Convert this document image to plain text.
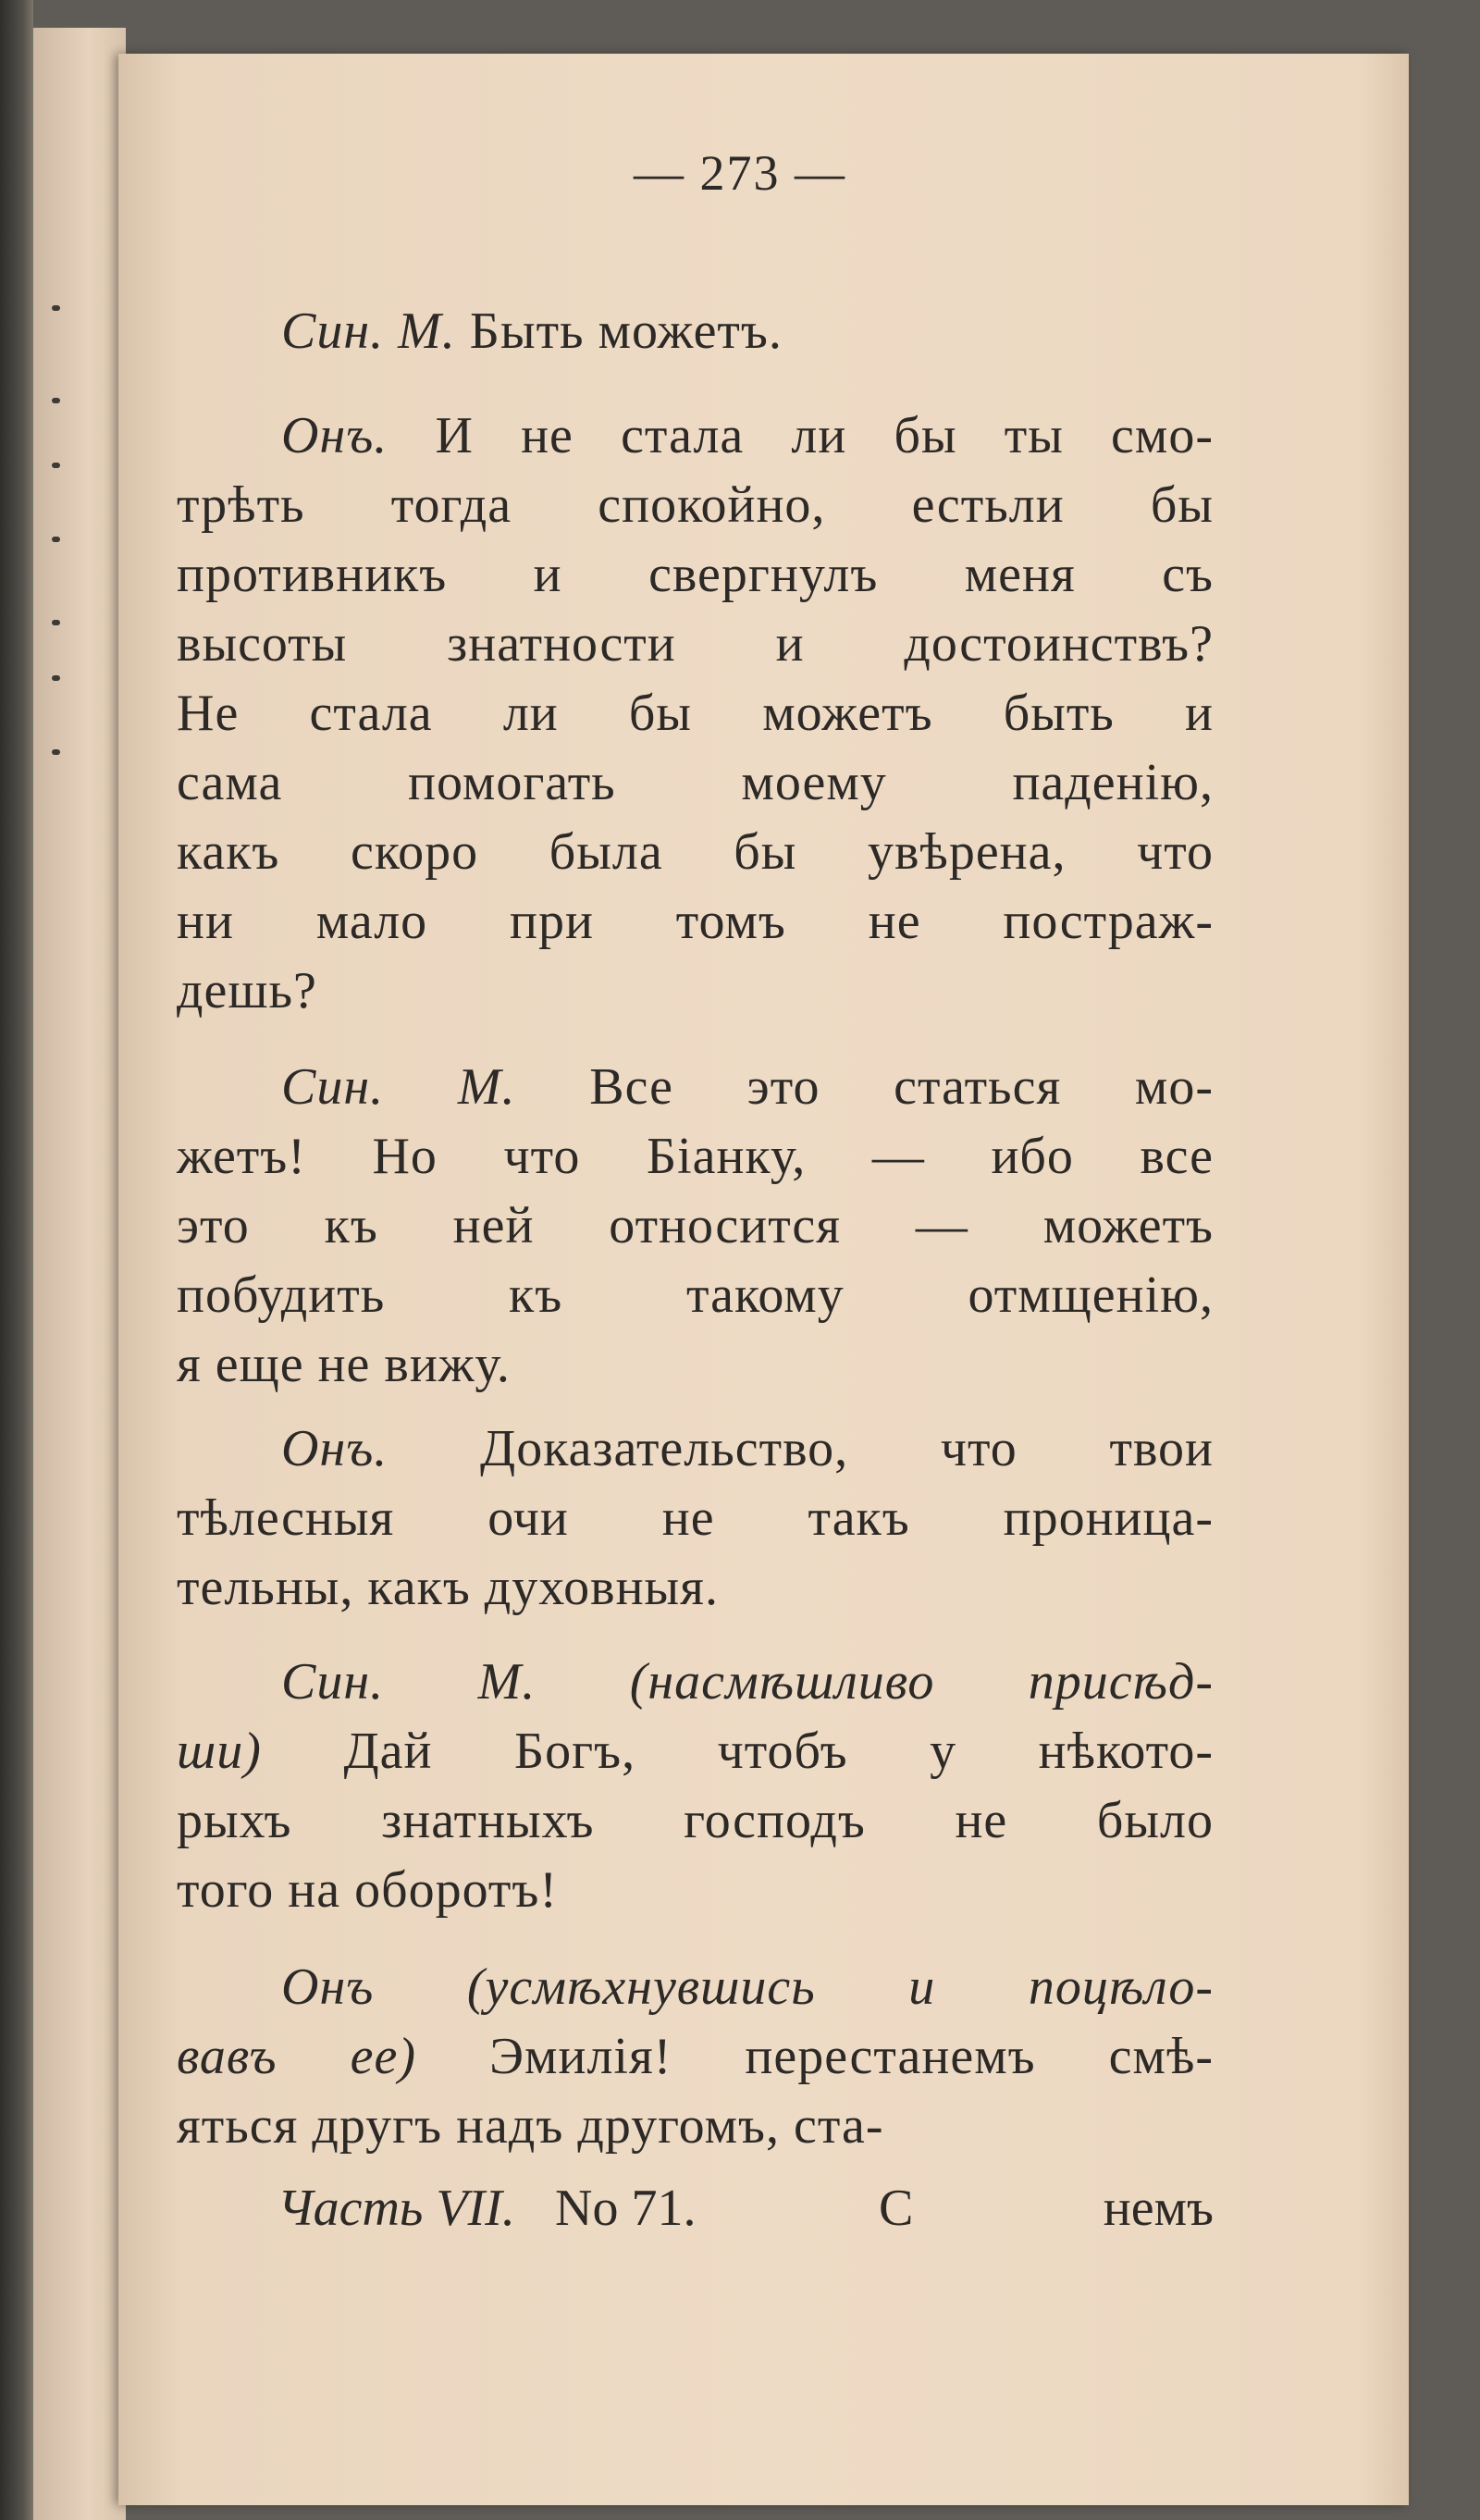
— 273 —
Син. М. Быть можетъ.
Онъ. И не стала ли бы ты смо-
трѣть тогда спокойно, естьли бы
противникъ и свергнулъ меня съ
высоты знатности и достоинствъ?
Не стала ли бы можетъ быть и
сама помогать моему паденію,
какъ скоро была бы увѣрена, что
ни мало при томъ не постраж-
дешь?
Син. М. Все это статься мо-
жетъ! Но что Біанку, — ибо все
это къ ней относится — можетъ
побудить къ такому отмщенію,
я еще не вижу.
Онъ. Доказательство, что твои
тѣлесныя очи не такъ проница-
тельны, какъ духовныя.
Син. М. (насмѣшливо присѣд-
ши) Дай Богъ, чтобъ у нѣкото-
рыхъ знатныхъ господъ не было
того на оборотъ!
Онъ (усмѣхнувшись и поцѣло-
вавъ ее) Эмилія! перестанемъ смѣ-
яться другъ надъ другомъ, ста-
Часть VII. No 71.	С	немъ
